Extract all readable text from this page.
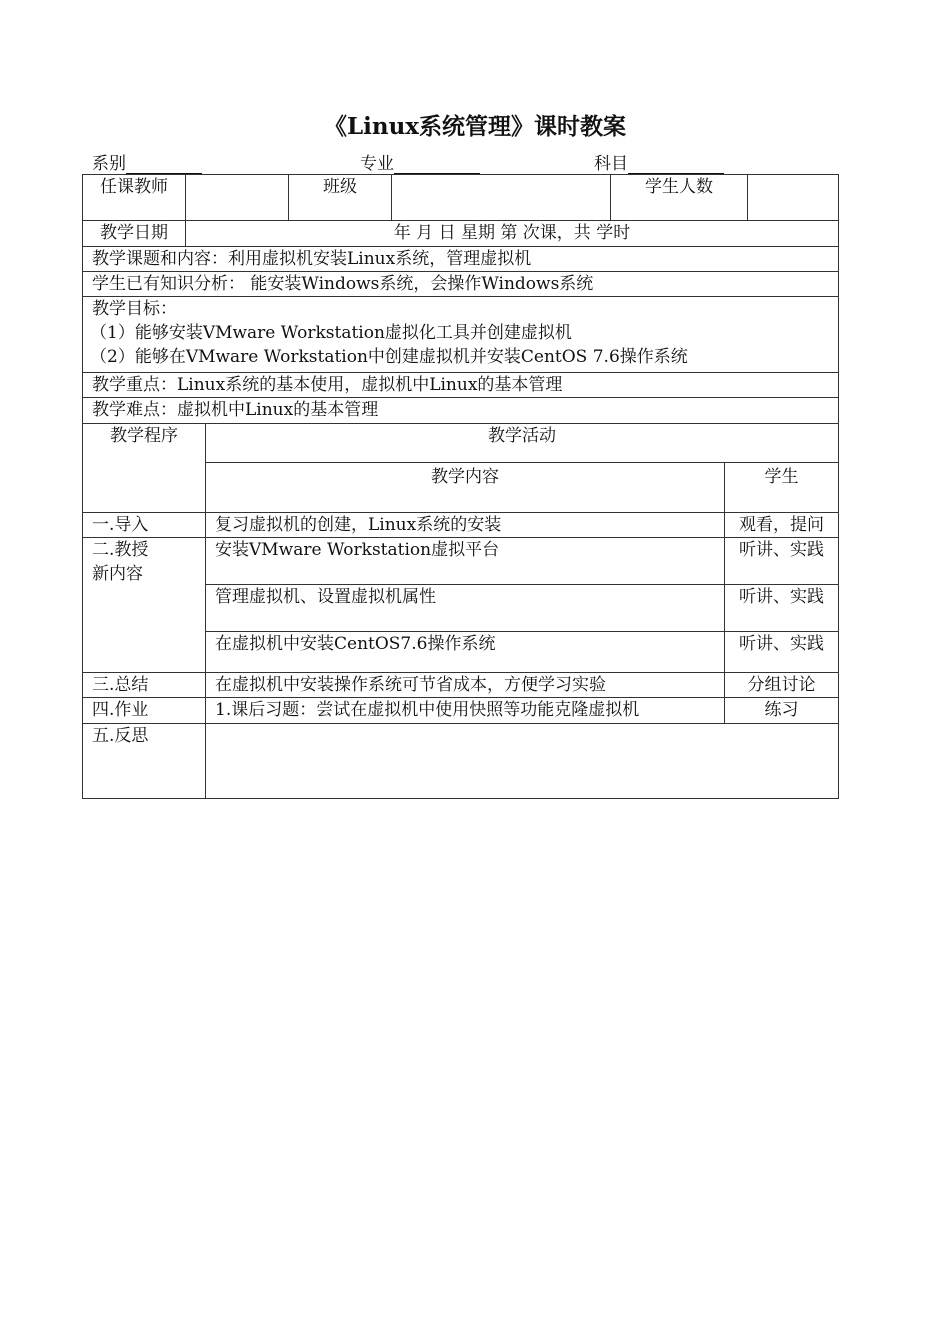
《Linux系统管理》课时教案
系别	专业	科目
任课教师			班级		学生人数		
教学日期	年 月 日 星期 第 次课，共 学时						
教学课题和内容：利用虚拟机安装Linux系统，管理虚拟机							
学生已有知识分析： 能安装Windows系统，会操作Windows系统							

教学目标：
（1）能够安装VMware Workstation虚拟化工具并创建虚拟机
（2）能够在VMware Workstation中创建虚拟机并安装CentOS 7.6操作系统							

教学重点：Linux系统的基本使用，虚拟机中Linux的基本管理							
教学难点：虚拟机中Linux的基本管理							
教学程序		教学活动					
		教学内容				学生	
一.导入		复习虚拟机的创建，Linux系统的安装				观看，提问	

二.教授
新内容		安装VMware Workstation虚拟平台				听讲、实践	
		管理虚拟机、设置虚拟机属性				听讲、实践	
		在虚拟机中安装CentOS7.6操作系统				听讲、实践	
三.总结		在虚拟机中安装操作系统可节省成本，方便学习实验				分组讨论	
四.作业		1.课后习题：尝试在虚拟机中使用快照等功能克隆虚拟机				练习	
五.反思							
